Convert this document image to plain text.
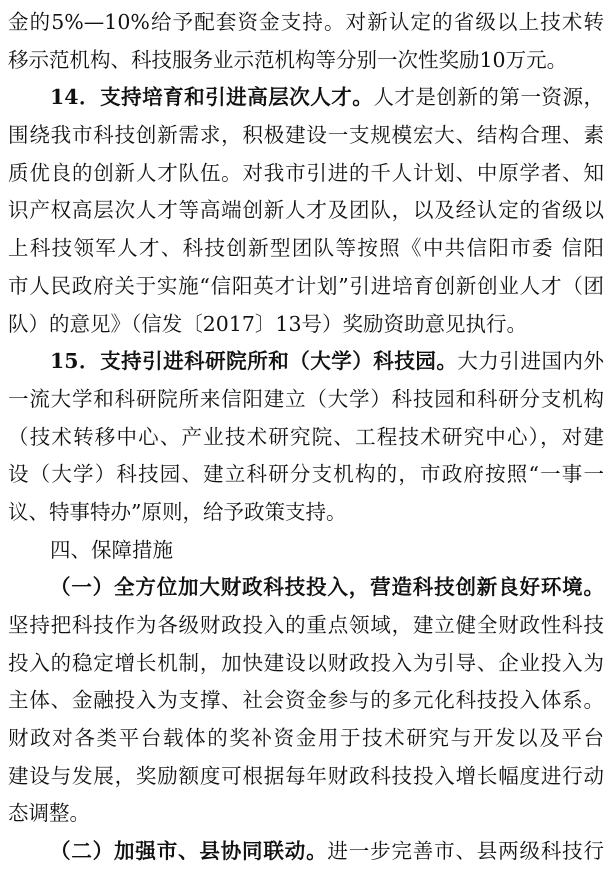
金的5%—10%给予配套资金支持。对新认定的省级以上技术转
移示范机构、科技服务业示范机构等分别一次性奖励10万元。
14．支持培育和引进高层次人才。人才是创新的第一资源，
围绕我市科技创新需求，积极建设一支规模宏大、结构合理、素
质优良的创新人才队伍。对我市引进的千人计划、中原学者、知
识产权高层次人才等高端创新人才及团队，以及经认定的省级以
上科技领军人才、科技创新型团队等按照《中共信阳市委 信阳
市人民政府关于实施“信阳英才计划”引进培育创新创业人才（团
队）的意见》（信发〔2017〕13号）奖励资助意见执行。
15．支持引进科研院所和（大学）科技园。大力引进国内外
一流大学和科研院所来信阳建立（大学）科技园和科研分支机构
（技术转移中心、产业技术研究院、工程技术研究中心），对建
设（大学）科技园、建立科研分支机构的，市政府按照“一事一
议、特事特办”原则，给予政策支持。
四、保障措施
（一）全方位加大财政科技投入，营造科技创新良好环境。
坚持把科技作为各级财政投入的重点领域，建立健全财政性科技
投入的稳定增长机制，加快建设以财政投入为引导、企业投入为
主体、金融投入为支撑、社会资金参与的多元化科技投入体系。
财政对各类平台载体的奖补资金用于技术研究与开发以及平台
建设与发展，奖励额度可根据每年财政科技投入增长幅度进行动
态调整。
（二）加强市、县协同联动。进一步完善市、县两级科技行
